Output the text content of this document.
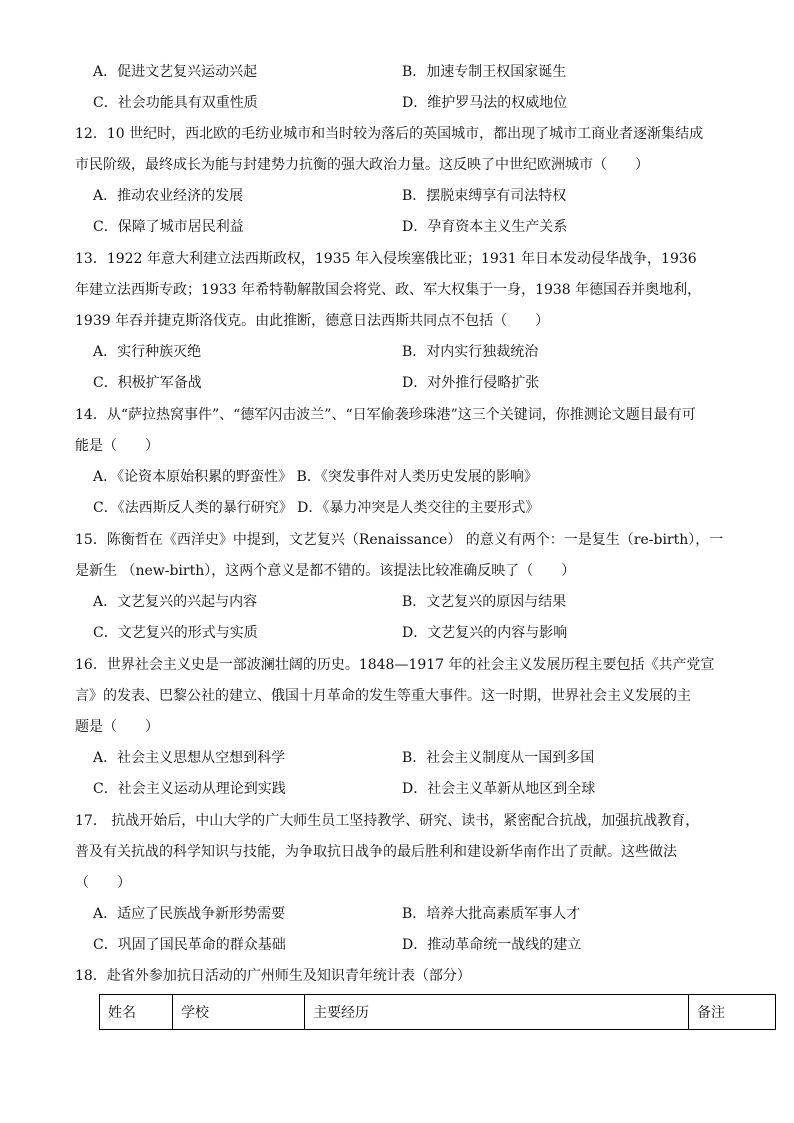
A．促进文艺复兴运动兴起	B．加速专制王权国家诞生
C．社会功能具有双重性质	D．维护罗马法的权威地位
12．10 世纪时，西北欧的毛纺业城市和当时较为落后的英国城市，都出现了城市工商业者逐渐集结成
市民阶级，最终成长为能与封建势力抗衡的强大政治力量。这反映了中世纪欧洲城市（　　）
A．推动农业经济的发展	B．摆脱束缚享有司法特权
C．保障了城市居民利益	D．孕育资本主义生产关系
13．1922 年意大利建立法西斯政权，1935 年入侵埃塞俄比亚；1931 年日本发动侵华战争，1936
年建立法西斯专政；1933 年希特勒解散国会将党、政、军大权集于一身，1938 年德国吞并奥地利，
1939 年吞并捷克斯洛伐克。由此推断，德意日法西斯共同点不包括（　　）
A．实行种族灭绝	B．对内实行独裁统治
C．积极扩军备战	D．对外推行侵略扩张
14．从“萨拉热窝事件”、“德军闪击波兰”、“日军偷袭珍珠港”这三个关键词，你推测论文题目最有可
能是（　　）
A．《论资本原始积累的野蛮性》 B．《突发事件对人类历史发展的影响》
C．《法西斯反人类的暴行研究》 D．《暴力冲突是人类交往的主要形式》
15．陈衡哲在《西洋史》中提到，文艺复兴（Renaissance） 的意义有两个：一是复生（re-birth），一
是新生 （new-birth），这两个意义是都不错的。该提法比较准确反映了（　　）
A．文艺复兴的兴起与内容	B．文艺复兴的原因与结果
C．文艺复兴的形式与实质	D．文艺复兴的内容与影响
16．世界社会主义史是一部波澜壮阔的历史。1848—1917 年的社会主义发展历程主要包括《共产党宣
言》的发表、巴黎公社的建立、俄国十月革命的发生等重大事件。这一时期，世界社会主义发展的主
题是（　　）
A．社会主义思想从空想到科学	B．社会主义制度从一国到多国
C．社会主义运动从理论到实践	D．社会主义革新从地区到全球
17． 抗战开始后，中山大学的广大师生员工坚持教学、研究、读书，紧密配合抗战，加强抗战教育，
普及有关抗战的科学知识与技能，为争取抗日战争的最后胜利和建设新华南作出了贡献。这些做法
（　　）
A．适应了民族战争新形势需要	B．培养大批高素质军事人才
C．巩固了国民革命的群众基础	D．推动革命统一战线的建立
18．赴省外参加抗日活动的广州师生及知识青年统计表（部分）
姓名	学校	主要经历	备注
